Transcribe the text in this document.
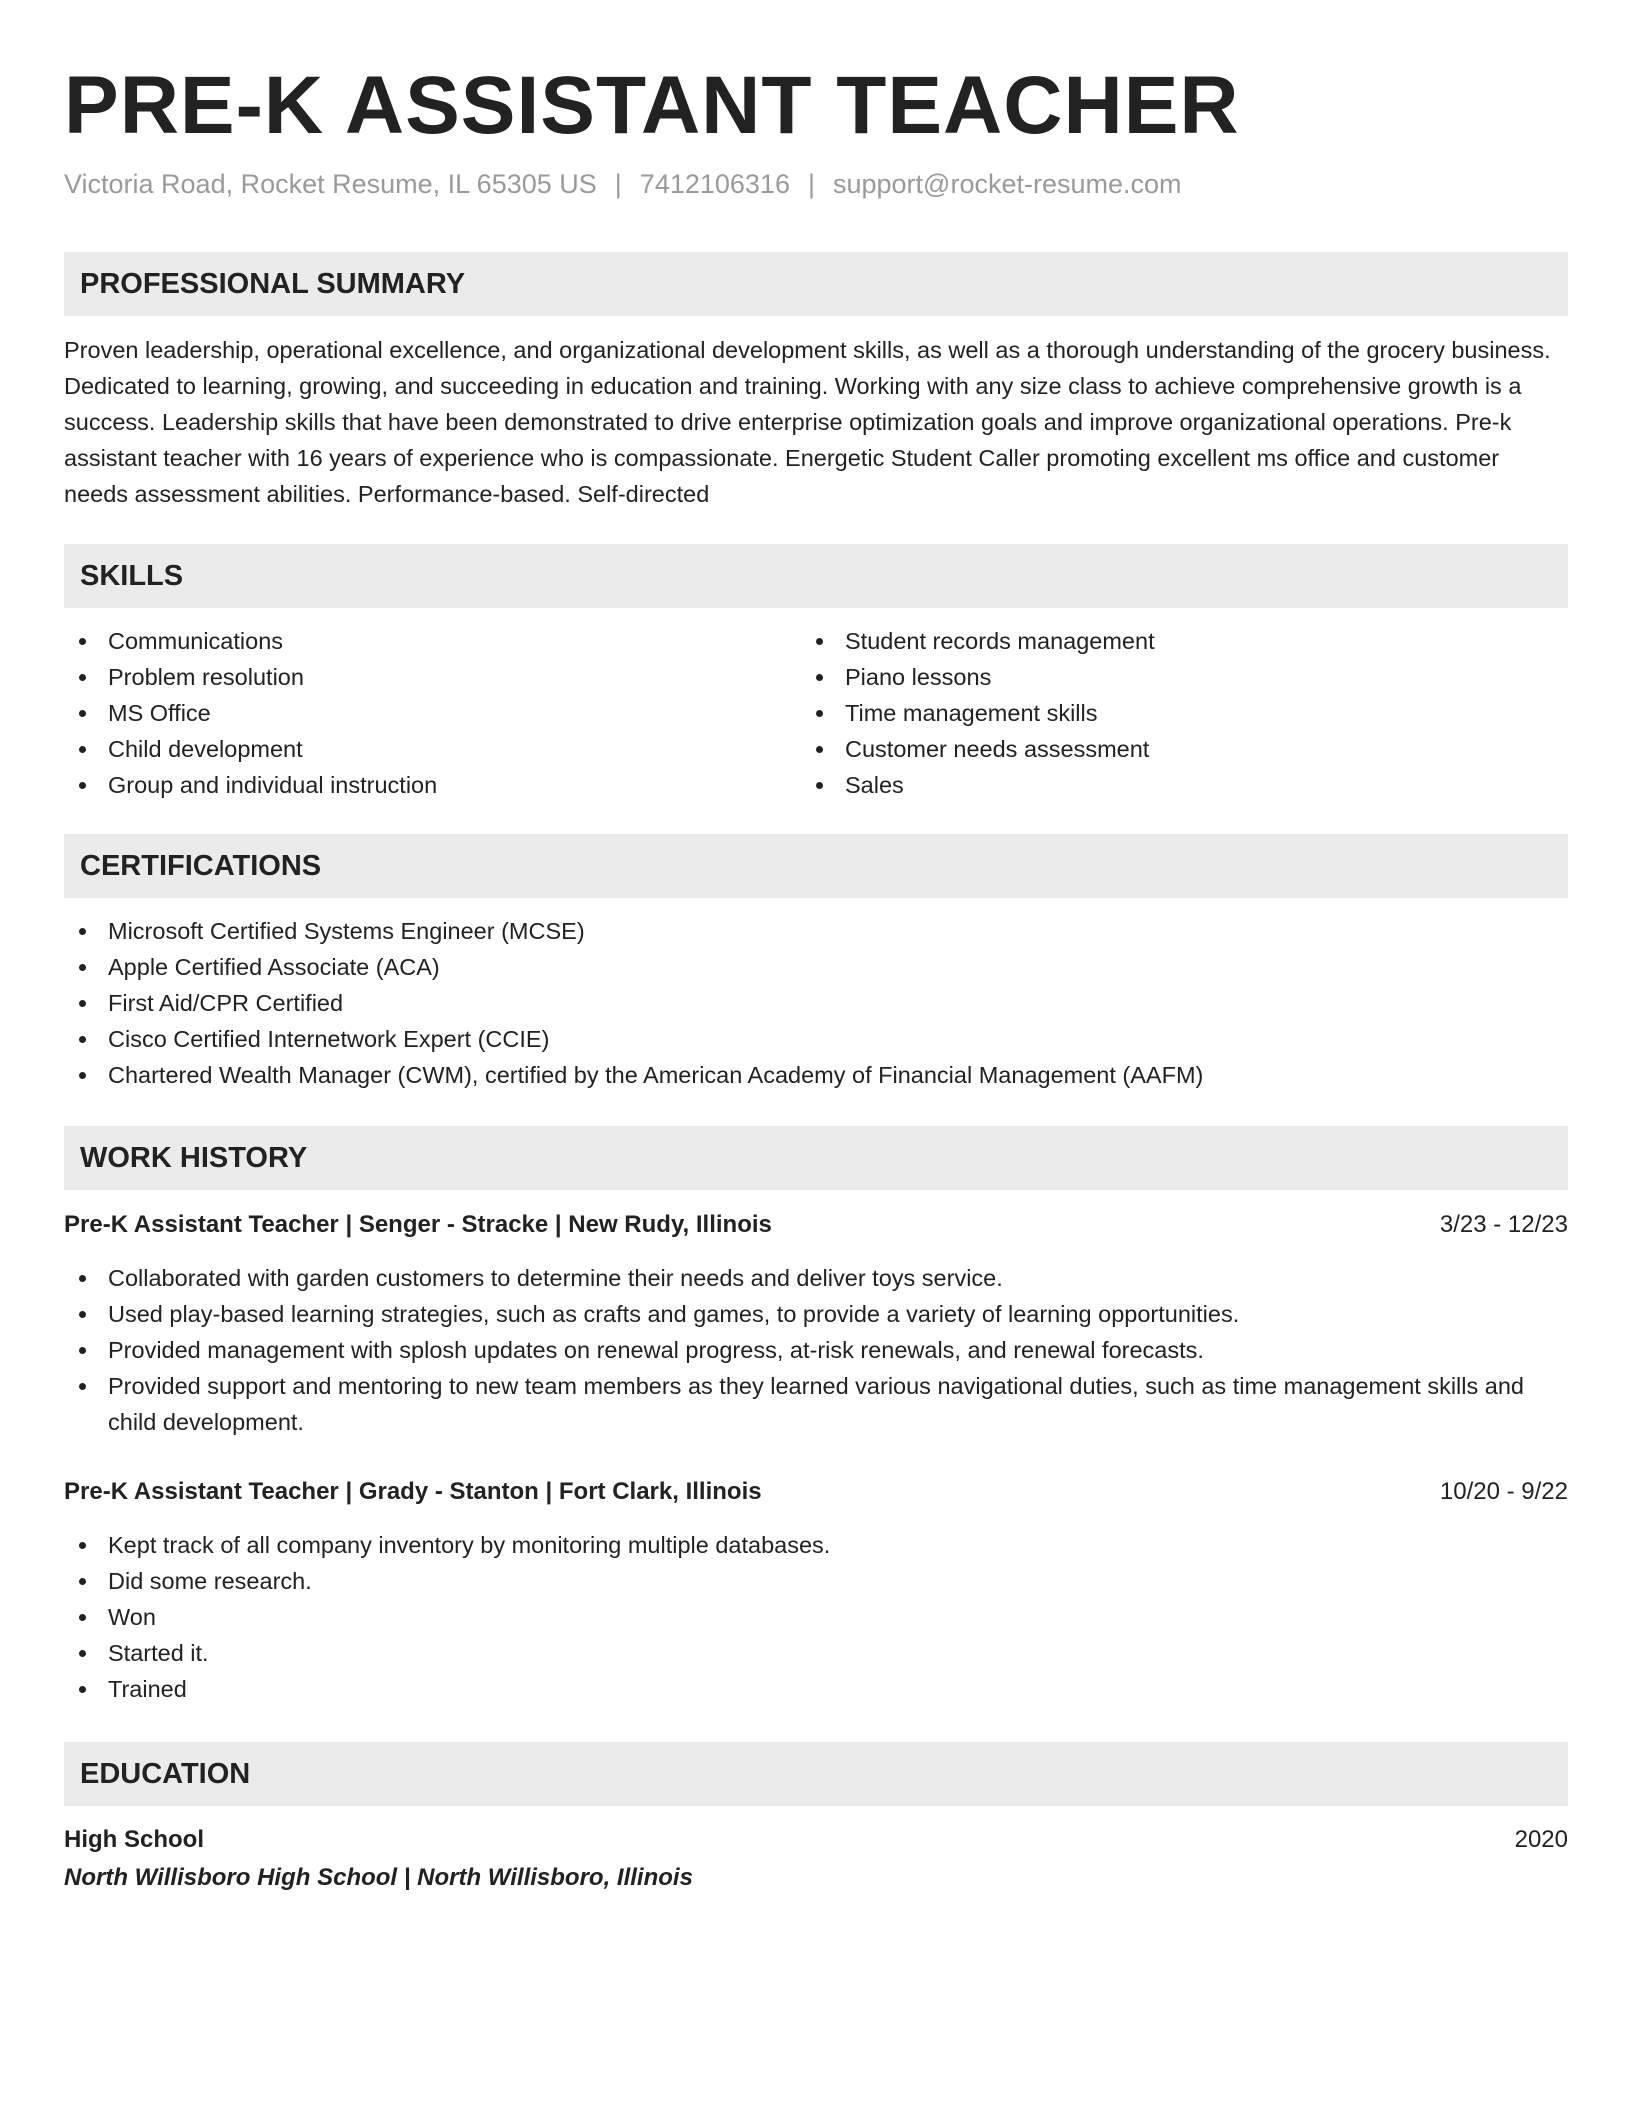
PRE-K ASSISTANT TEACHER
Victoria Road, Rocket Resume, IL 65305 US | 7412106316 | support@rocket-resume.com
PROFESSIONAL SUMMARY

Proven leadership, operational excellence, and organizational development skills, as well as a thorough understanding of the grocery business. Dedicated to learning, growing, and succeeding in education and training. Working with any size class to achieve comprehensive growth is a success. Leadership skills that have been demonstrated to drive enterprise optimization goals and improve organizational operations. Pre-k assistant teacher with 16 years of experience who is compassionate. Energetic Student Caller promoting excellent ms office and customer needs assessment abilities. Performance-based. Self-directed

SKILLS
Communications
Problem resolution
MS Office
Child development
Group and individual instruction
Student records management
Piano lessons
Time management skills
Customer needs assessment
Sales
CERTIFICATIONS
Microsoft Certified Systems Engineer (MCSE)
Apple Certified Associate (ACA)
First Aid/CPR Certified
Cisco Certified Internetwork Expert (CCIE)
Chartered Wealth Manager (CWM), certified by the American Academy of Financial Management (AAFM)
WORK HISTORY
Pre-K Assistant Teacher | Senger - Stracke | New Rudy, Illinois	3/23 - 12/23
Collaborated with garden customers to determine their needs and deliver toys service.
Used play-based learning strategies, such as crafts and games, to provide a variety of learning opportunities.
Provided management with splosh updates on renewal progress, at-risk renewals, and renewal forecasts.
Provided support and mentoring to new team members as they learned various navigational duties, such as time management skills and child development.
Pre-K Assistant Teacher | Grady - Stanton | Fort Clark, Illinois	10/20 - 9/22
Kept track of all company inventory by monitoring multiple databases.
Did some research.
Won
Started it.
Trained
EDUCATION
High School	2020
North Willisboro High School | North Willisboro, Illinois
